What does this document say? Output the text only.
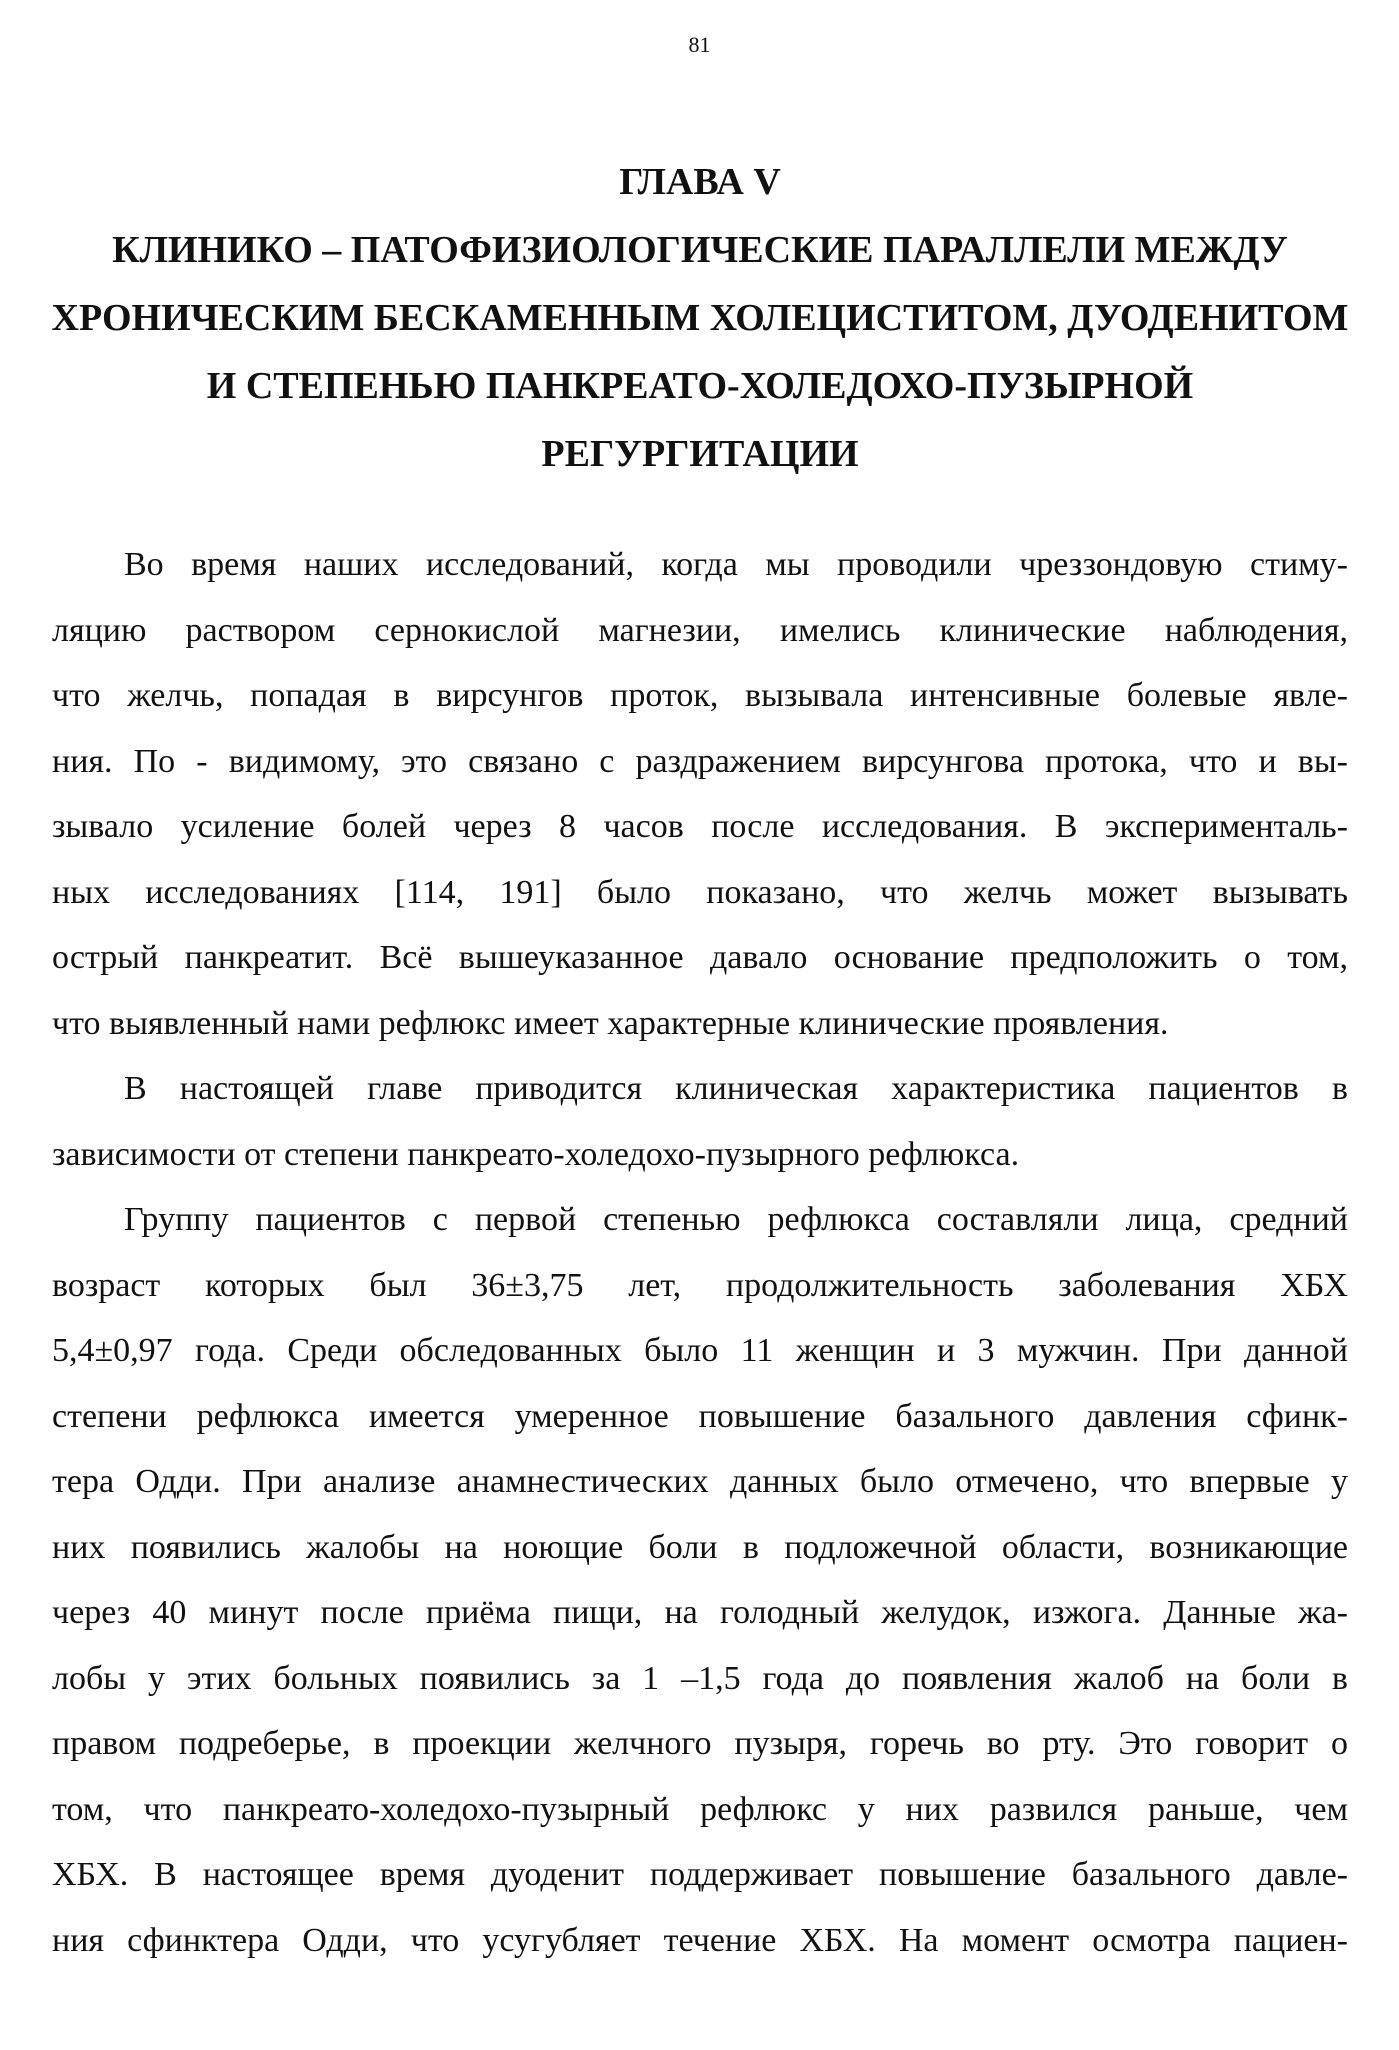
81
ГЛАВА V
КЛИНИКО – ПАТОФИЗИОЛОГИЧЕСКИЕ ПАРАЛЛЕЛИ МЕЖДУ
ХРОНИЧЕСКИМ БЕСКАМЕННЫМ ХОЛЕЦИСТИТОМ, ДУОДЕНИТОМ
И СТЕПЕНЬЮ ПАНКРЕАТО-ХОЛЕДОХО-ПУЗЫРНОЙ
РЕГУРГИТАЦИИ
Во время наших исследований, когда мы проводили чреззондовую стиму-
ляцию раствором сернокислой магнезии, имелись клинические наблюдения,
что желчь, попадая в вирсунгов проток, вызывала интенсивные болевые явле-
ния. По - видимому, это связано с раздражением вирсунгова протока, что и вы-
зывало усиление болей через 8 часов после исследования. В эксперименталь-
ных исследованиях [114, 191] было показано, что желчь может вызывать
острый панкреатит. Всё вышеуказанное давало основание предположить о том,
что выявленный нами рефлюкс имеет характерные клинические проявления.
В настоящей главе приводится клиническая характеристика пациентов в
зависимости от степени панкреато-холедохо-пузырного рефлюкса.
Группу пациентов с первой степенью рефлюкса составляли лица, средний
возраст которых был 36±3,75 лет, продолжительность заболевания ХБХ
5,4±0,97 года. Среди обследованных было 11 женщин и 3 мужчин. При данной
степени рефлюкса имеется умеренное повышение базального давления сфинк-
тера Одди. При анализе анамнестических данных было отмечено, что впервые у
них появились жалобы на ноющие боли в подложечной области, возникающие
через 40 минут после приёма пищи, на голодный желудок, изжога. Данные жа-
лобы у этих больных появились за 1 –1,5 года до появления жалоб на боли в
правом подреберье, в проекции желчного пузыря, горечь во рту. Это говорит о
том, что панкреато-холедохо-пузырный рефлюкс у них развился раньше, чем
ХБХ. В настоящее время дуоденит поддерживает повышение базального давле-
ния сфинктера Одди, что усугубляет течение ХБХ. На момент осмотра пациен-
